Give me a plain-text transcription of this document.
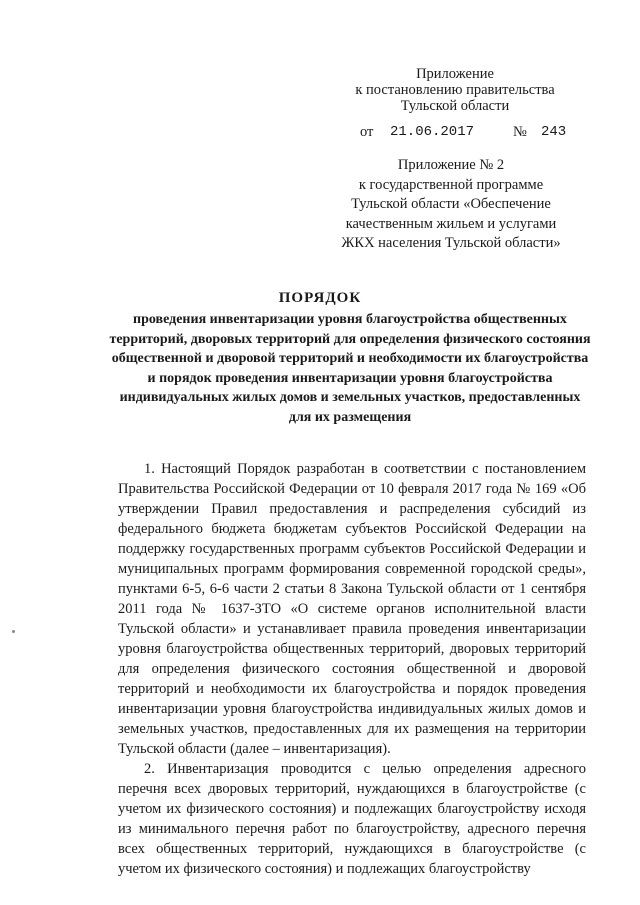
Приложение
к постановлению правительства
Тульской области
от 21.06.2017	№ 243
Приложение № 2
к государственной программе
Тульской области «Обеспечение
качественным жильем и услугами
ЖКХ населения Тульской области»
ПОРЯДОК
проведения инвентаризации уровня благоустройства общественных территорий, дворовых территорий для определения физического состояния общественной и дворовой территорий и необходимости их благоустройства и порядок проведения инвентаризации уровня благоустройства индивидуальных жилых домов и земельных участков, предоставленных для их размещения

1. Настоящий Порядок разработан в соответствии с постановлением Правительства Российской Федерации от 10 февраля 2017 года № 169 «Об утверждении Правил предоставления и распределения субсидий из федерального бюджета бюджетам субъектов Российской Федерации на поддержку государственных программ субъектов Российской Федерации и муниципальных программ формирования современной городской среды», пунктами 6-5, 6-6 части 2 статьи 8 Закона Тульской области от 1 сентября 2011 года № 1637-ЗТО «О системе органов исполнительной власти Тульской области» и устанавливает правила проведения инвентаризации уровня благоустройства общественных территорий, дворовых территорий для определения физического состояния общественной и дворовой территорий и необходимости их благоустройства и порядок проведения инвентаризации уровня благоустройства индивидуальных жилых домов и земельных участков, предоставленных для их размещения на территории Тульской области (далее – инвентаризация).

2. Инвентаризация проводится с целью определения адресного перечня всех дворовых территорий, нуждающихся в благоустройстве (с учетом их физического состояния) и подлежащих благоустройству исходя из минимального перечня работ по благоустройству, адресного перечня всех общественных территорий, нуждающихся в благоустройстве (с учетом их физического состояния) и подлежащих благоустройству
